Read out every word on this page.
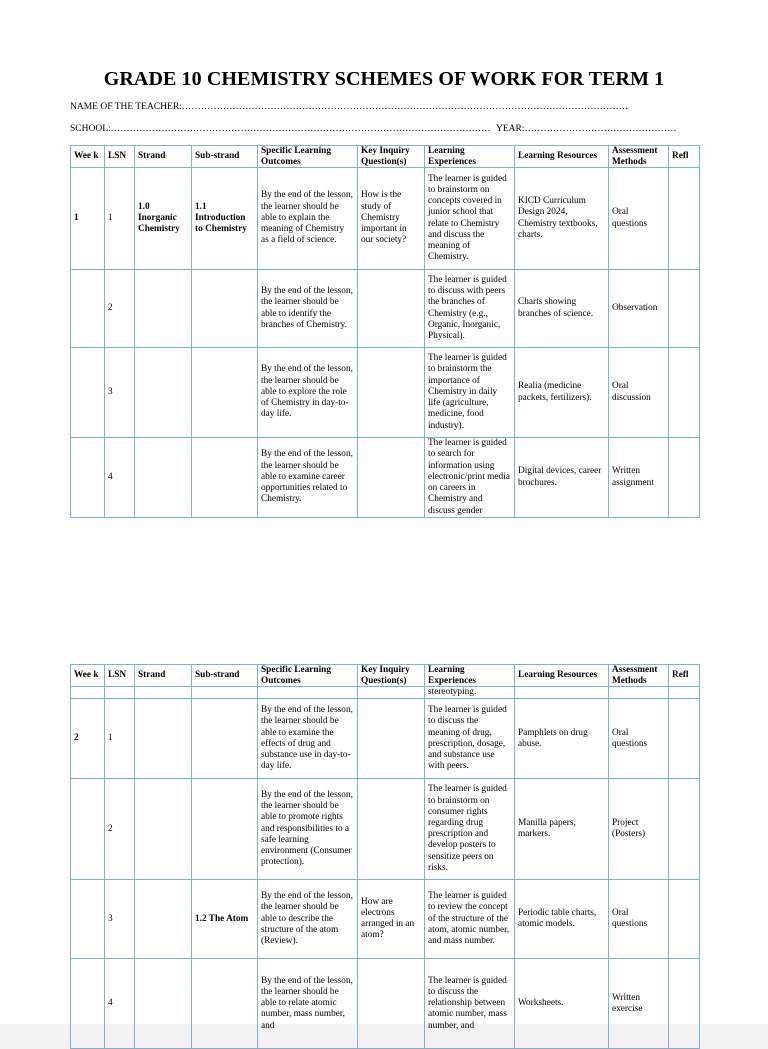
GRADE 10 CHEMISTRY SCHEMES OF WORK FOR TERM 1
NAME OF THE TEACHER:……………………………………………………………………………………………………………………………
SCHOOL:………………………………………………………………………………………………………… YEAR:…………………………………………
Wee k	LSN	Strand	Sub-strand	Specific Learning Outcomes	Key Inquiry Question(s)	Learning Experiences	Learning Resources	Assessment Methods	Refl
1	1	1.0 Inorganic Chemistry	1.1 Introduction to Chemistry	By the end of the lesson, the learner should be able to explain the meaning of Chemistry as a field of science.	How is the study of Chemistry important in our society?	The learner is guided to brainstorm on concepts covered in junior school that relate to Chemistry and discuss the meaning of Chemistry.	KICD Curriculum Design 2024, Chemistry textbooks, charts.	Oral questions	
	2			By the end of the lesson, the learner should be able to identify the branches of Chemistry.		The learner is guided to discuss with peers the branches of Chemistry (e.g., Organic, Inorganic, Physical).	Charts showing branches of science.	Observation	
	3			By the end of the lesson, the learner should be able to explore the role of Chemistry in day-to-day life.		The learner is guided to brainstorm the importance of Chemistry in daily life (agriculture, medicine, food industry).	Realia (medicine packets, fertilizers).	Oral discussion	
	4			By the end of the lesson, the learner should be able to examine career opportunities related to Chemistry.		The learner is guided to search for information using electronic/print media on careers in Chemistry and discuss gender	Digital devices, career brochures.	Written assignment	
Wee k	LSN	Strand	Sub-strand	Specific Learning Outcomes	Key Inquiry Question(s)	Learning Experiences	Learning Resources	Assessment Methods	Refl
						stereotyping.			
2	1			By the end of the lesson, the learner should be able to examine the effects of drug and substance use in day-to-day life.		The learner is guided to discuss the meaning of drug, prescription, dosage, and substance use with peers.	Pamphlets on drug abuse.	Oral questions	
	2			By the end of the lesson, the learner should be able to promote rights and responsibilities to a safe learning environment (Consumer protection).		The learner is guided to brainstorm on consumer rights regarding drug prescription and develop posters to sensitize peers on risks.	Manilla papers, markers.	Project (Posters)	
	3		1.2 The Atom	By the end of the lesson, the learner should be able to describe the structure of the atom (Review).	How are electrons arranged in an atom?	The learner is guided to review the concept of the structure of the atom, atomic number, and mass number.	Periodic table charts, atomic models.	Oral questions	
	4			By the end of the lesson, the learner should be able to relate atomic number, mass number, and		The learner is guided to discuss the relationship between atomic number, mass number, and	Worksheets.	Written exercise	
